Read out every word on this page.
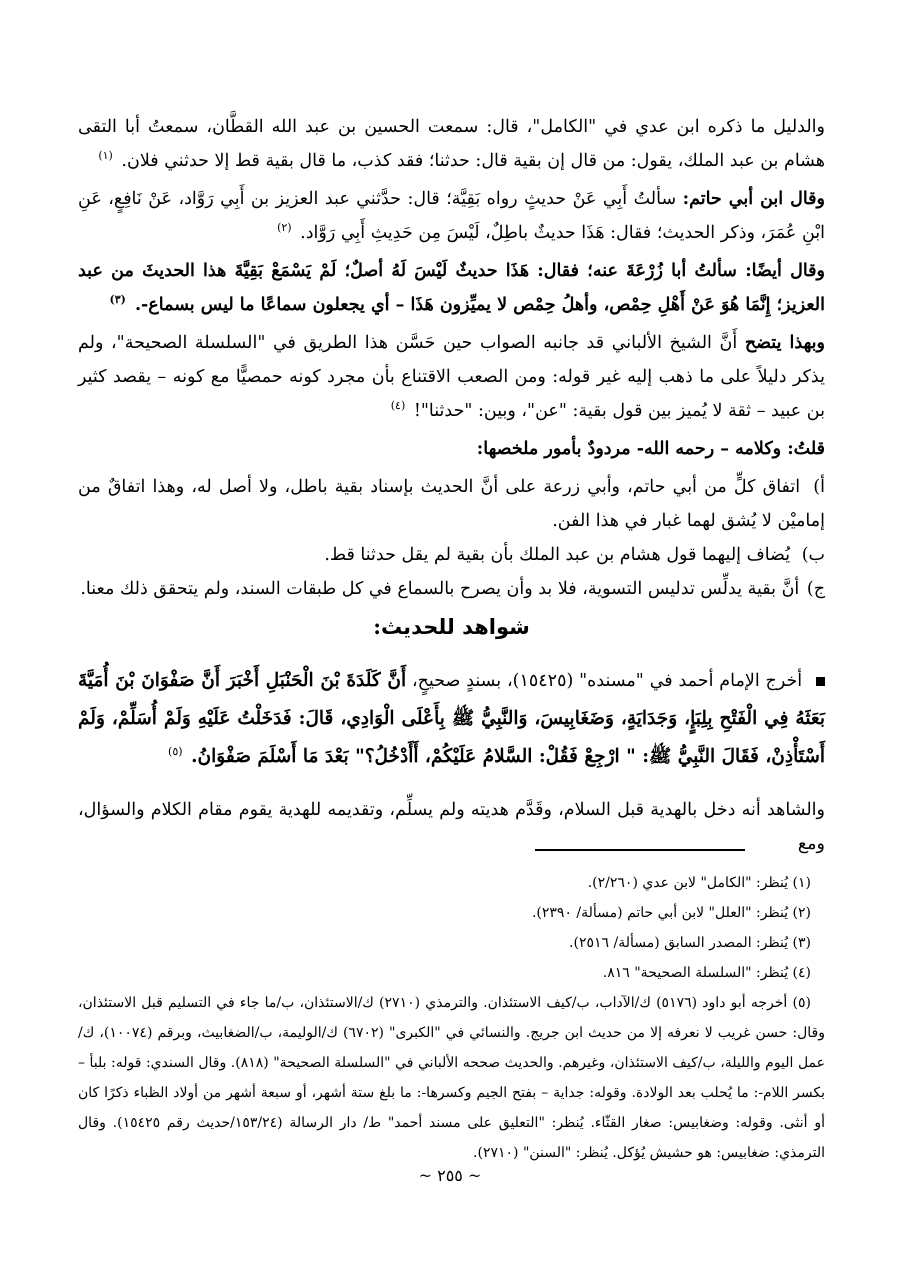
والدليل ما ذكره ابن عدي في "الكامل"، قال: سمعت الحسين بن عبد الله القطَّان، سمعتُ أبا التقى هشام بن عبد الملك، يقول: من قال إن بقية قال: حدثنا؛ فقد كذب، ما قال بقية قط إلا حدثني فلان. $^{(١)}$

وقال ابن أبي حاتم: سألتُ أَبِي عَنْ حديثٍ رواه بَقِيَّة؛ قال: حدَّثني عبد العزيز بن أَبِي رَوَّاد، عَنْ نَافِعٍ، عَنِ ابْنِ عُمَرَ، وذكر الحديث؛ فقال: هَذَا حديثٌ باطِلٌ، لَيْسَ مِن حَدِيثِ أَبِي رَوَّاد. $^{(٢)}$

وقال أيضًا: سألتُ أبا زُرْعَةَ عنه؛ فقال: هَذَا حديثٌ لَيْسَ لَهُ أصلٌ؛ لَمْ يَسْمَعْ بَقِيَّةَ هذا الحديثَ من عبد العزيز؛ إِنَّمَا هُوَ عَنْ أَهْلِ حِمْص، وأهلُ حِمْص لا يميِّزون هَذَا – أي يجعلون سماعًا ما ليس بسماع-. $^{(٣)}$

وبهذا يتضح أَنَّ الشيخ الألباني قد جانبه الصواب حين حَسَّن هذا الطريق في "السلسلة الصحيحة"، ولم يذكر دليلاً على ما ذهب إليه غير قوله: ومن الصعب الاقتناع بأن مجرد كونه حمصيًّا مع كونه – يقصد كثير بن عبيد – ثقة لا يُميز بين قول بقية: "عن"، وبين: "حدثنا"! $^{(٤)}$

قلتُ: وكلامه – رحمه الله- مردودٌ بأمور ملخصها:

أ) اتفاق كلٍّ من أبي حاتم، وأبي زرعة على أنَّ الحديث بإسناد بقية باطل، ولا أصل له، وهذا اتفاقٌ من إماميْن لا يُشق لهما غبار في هذا الفن.

ب) يُضاف إليهما قول هشام بن عبد الملك بأن بقية لم يقل حدثنا قط.

ج) أنَّ بقية يدلِّس تدليس التسوية، فلا بد وأن يصرح بالسماع في كل طبقات السند، ولم يتحقق ذلك معنا.

شواهد للحديث:

أخرج الإمام أحمد في "مسنده" (١٥٤٢٥)، بسندٍ صحيحٍ، أَنَّ كَلَدَةَ بْنَ الْحَنْبَلِ أَخْبَرَ أَنَّ صَفْوَانَ بْنَ أُمَيَّةَ بَعَثَهُ فِي الْفَتْحِ بِلِبَإٍ، وَجَدَايَةٍ، وَضَغَابِيسَ، وَالنَّبِيُّ ﷺ بِأَعْلَى الْوَادِي، قَالَ: فَدَخَلْتُ عَلَيْهِ وَلَمْ أُسَلِّمْ، وَلَمْ أَسْتَأْذِنْ، فَقَالَ النَّبِيُّ ﷺ: " ارْجِعْ فَقُلْ: السَّلامُ عَلَيْكُمْ، أَأَدْخُلُ؟" بَعْدَ مَا أَسْلَمَ صَفْوَانُ. $^{(٥)}$

والشاهد أنه دخل بالهدية قبل السلام، وقَدَّم هديته ولم يسلِّم، وتقديمه للهدية يقوم مقام الكلام والسؤال، ومع

(١) يُنظر: "الكامل" لابن عدي (٢/٢٦٠).

(٢) يُنظر: "العلل" لابن أبي حاتم (مسألة/ ٢٣٩٠).

(٣) يُنظر: المصدر السابق (مسألة/ ٢٥١٦).

(٤) يُنظر: "السلسلة الصحيحة" ٨١٦.

(٥) أخرجه أبو داود (٥١٧٦) ك/الآداب، ب/كيف الاستئذان. والترمذي (٢٧١٠) ك/الاستئذان، ب/ما جاء في التسليم قبل الاستئذان، وقال: حسن غريب لا نعرفه إلا من حديث ابن جريج. والنسائي في "الكبرى" (٦٧٠٢) ك/الوليمة، ب/الضغابيث، وبرقم (١٠٠٧٤)، ك/عمل اليوم والليلة، ب/كيف الاستئذان، وغيرهم. والحديث صححه الألباني في "السلسلة الصحيحة" (٨١٨). وقال السندي: قوله: بلبأ – بكسر اللام-: ما يُحلب بعد الولادة. وقوله: جداية – بفتح الجيم وكسرها-: ما بلغ ستة أشهر، أو سبعة أشهر من أولاد الظباء ذكرًا كان أو أنثى. وقوله: وضغابيس: صغار القثّاء. يُنظر: "التعليق على مسند أحمد" ط/ دار الرسالة (١٥٣/٢٤/حديث رقم ١٥٤٢٥). وقال الترمذي: ضغابيس: هو حشيش يُؤكل. يُنظر: "السنن" (٢٧١٠).

~ ٢٥٥ ~
